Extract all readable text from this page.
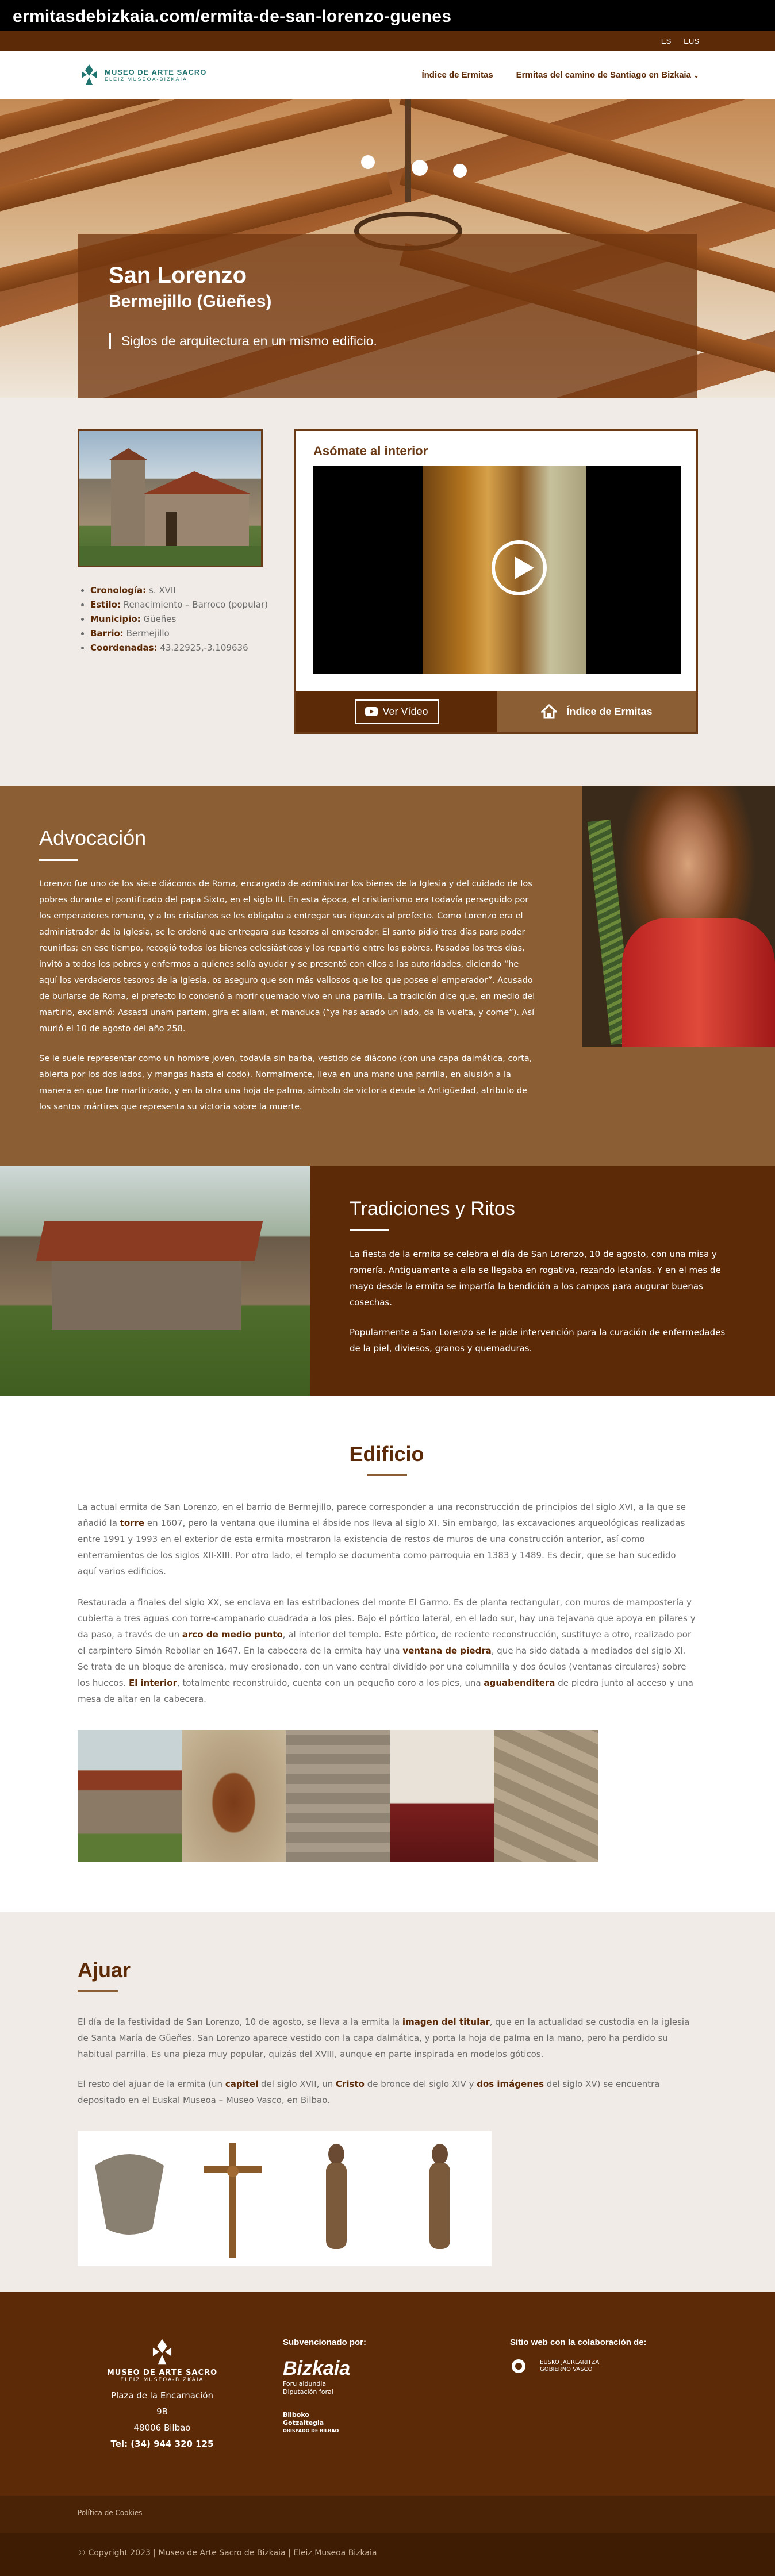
ermitasdebizkaia.com/ermita-de-san-lorenzo-guenes
ES EUS
MUSEO DE ARTE SACRO
ELEIZ MUSEOA-BIZKAIA	Índice de Ermitas	Ermitas del camino de Santiago en Bizkaia ⌄
San Lorenzo
Bermejillo (Güeñes)
Siglos de arquitectura en un mismo edificio.
• Cronología: s. XVII
• Estilo: Renacimiento – Barroco (popular)
• Municipio: Güeñes
• Barrio: Bermejillo
• Coordenadas: 43.22925,-3.109636
Asómate al interior
Ver Vídeo	Índice de Ermitas
Advocación

Lorenzo fue uno de los siete diáconos de Roma, encargado de administrar los bienes de la Iglesia y del cuidado de los pobres durante el pontificado del papa Sixto, en el siglo III. En esta época, el cristianismo era todavía perseguido por los emperadores romano, y a los cristianos se les obligaba a entregar sus riquezas al prefecto. Como Lorenzo era el administrador de la Iglesia, se le ordenó que entregara sus tesoros al emperador. El santo pidió tres días para poder reunirlas; en ese tiempo, recogió todos los bienes eclesiásticos y los repartió entre los pobres. Pasados los tres días, invitó a todos los pobres y enfermos a quienes solía ayudar y se presentó con ellos a las autoridades, diciendo “he aquí los verdaderos tesoros de la Iglesia, os aseguro que son más valiosos que los que posee el emperador”. Acusado de burlarse de Roma, el prefecto lo condenó a morir quemado vivo en una parrilla. La tradición dice que, en medio del martirio, exclamó: Assasti unam partem, gira et aliam, et manduca (“ya has asado un lado, da la vuelta, y come”). Así murió el 10 de agosto del año 258.

Se le suele representar como un hombre joven, todavía sin barba, vestido de diácono (con una capa dalmática, corta, abierta por los dos lados, y mangas hasta el codo). Normalmente, lleva en una mano una parrilla, en alusión a la manera en que fue martirizado, y en la otra una hoja de palma, símbolo de victoria desde la Antigüedad, atributo de los santos mártires que representa su victoria sobre la muerte.

Tradiciones y Ritos

La fiesta de la ermita se celebra el día de San Lorenzo, 10 de agosto, con una misa y romería. Antiguamente a ella se llegaba en rogativa, rezando letanías. Y en el mes de mayo desde la ermita se impartía la bendición a los campos para augurar buenas cosechas.

Popularmente a San Lorenzo se le pide intervención para la curación de enfermedades de la piel, diviesos, granos y quemaduras.

Edificio

La actual ermita de San Lorenzo, en el barrio de Bermejillo, parece corresponder a una reconstrucción de principios del siglo XVI, a la que se añadió la torre en 1607, pero la ventana que ilumina el ábside nos lleva al siglo XI. Sin embargo, las excavaciones arqueológicas realizadas entre 1991 y 1993 en el exterior de esta ermita mostraron la existencia de restos de muros de una construcción anterior, así como enterramientos de los siglos XII-XIII. Por otro lado, el templo se documenta como parroquia en 1383 y 1489. Es decir, que se han sucedido aquí varios edificios.

Restaurada a finales del siglo XX, se enclava en las estribaciones del monte El Garmo. Es de planta rectangular, con muros de mampostería y cubierta a tres aguas con torre-campanario cuadrada a los pies. Bajo el pórtico lateral, en el lado sur, hay una tejavana que apoya en pilares y da paso, a través de un arco de medio punto, al interior del templo. Este pórtico, de reciente reconstrucción, sustituye a otro, realizado por el carpintero Simón Rebollar en 1647. En la cabecera de la ermita hay una ventana de piedra, que ha sido datada a mediados del siglo XI. Se trata de un bloque de arenisca, muy erosionado, con un vano central dividido por una columnilla y dos óculos (ventanas circulares) sobre los huecos. El interior, totalmente reconstruido, cuenta con un pequeño coro a los pies, una aguabenditera de piedra junto al acceso y una mesa de altar en la cabecera.

Ajuar

El día de la festividad de San Lorenzo, 10 de agosto, se lleva a la ermita la imagen del titular, que en la actualidad se custodia en la iglesia de Santa María de Güeñes. San Lorenzo aparece vestido con la capa dalmática, y porta la hoja de palma en la mano, pero ha perdido su habitual parrilla. Es una pieza muy popular, quizás del XVIII, aunque en parte inspirada en modelos góticos.

El resto del ajuar de la ermita (un capitel del siglo XVII, un Cristo de bronce del siglo XIV y dos imágenes del siglo XV) se encuentra depositado en el Euskal Museoa – Museo Vasco, en Bilbao.

MUSEO DE ARTE SACRO
ELEIZ MUSEOA-BIZKAIA
Plaza de la Encarnación 9B
48006 Bilbao
Tel: (34) 944 320 125
Subvencionado por:
Bizkaia
Foru aldundia
Diputación foral
Bilboko
Gotzaitegia
OBISPADO DE BILBAO
Sitio web con la colaboración de:
EUSKO JAURLARITZA
GOBIERNO VASCO
Política de Cookies
© Copyright 2023 | Museo de Arte Sacro de Bizkaia | Eleiz Museoa Bizkaia
